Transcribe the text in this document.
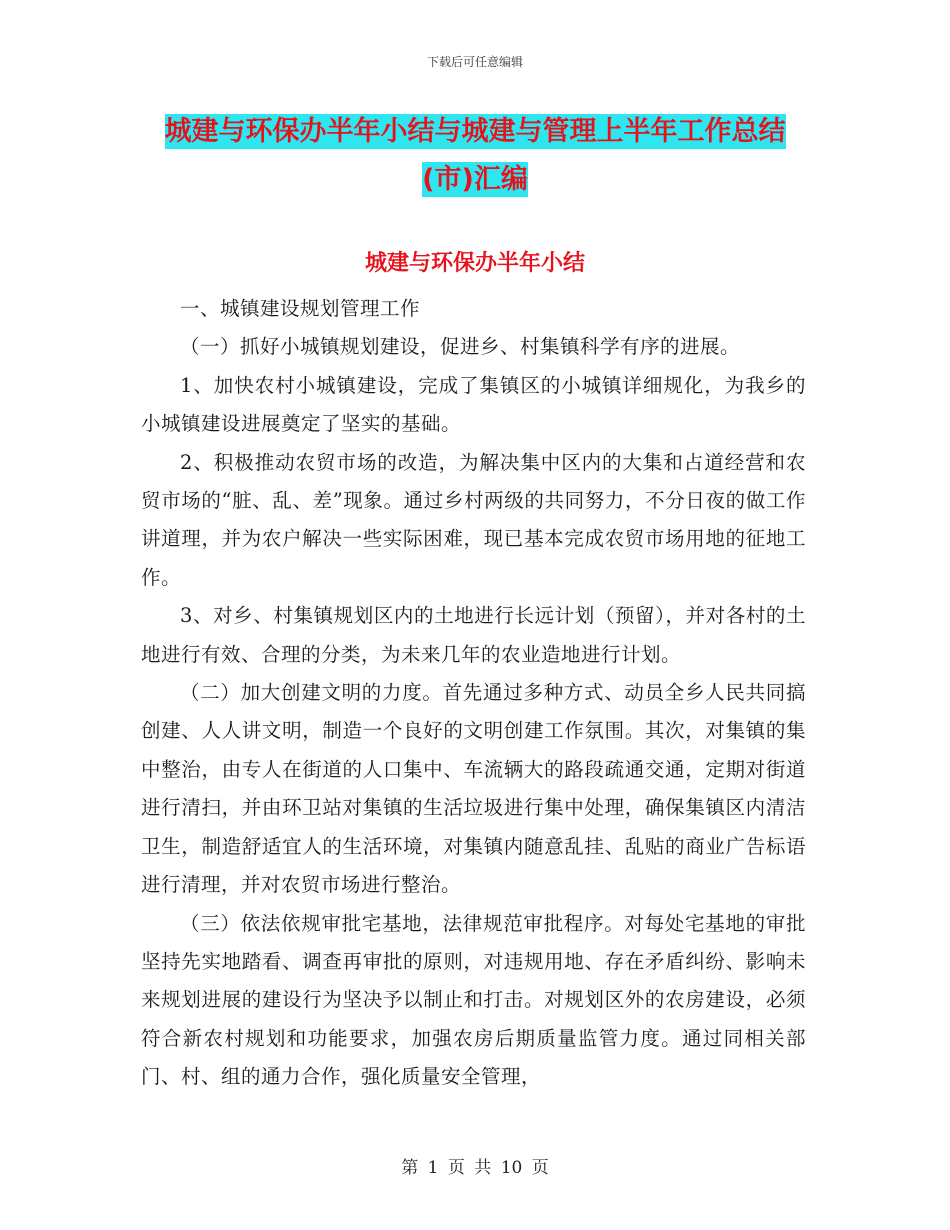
下载后可任意编辑
城建与环保办半年小结与城建与管理上半年工作总结
(市)汇编
城建与环保办半年小结

一、城镇建设规划管理工作

（一）抓好小城镇规划建设，促进乡、村集镇科学有序的进展。

1、加快农村小城镇建设，完成了集镇区的小城镇详细规化，为我乡的小城镇建设进展奠定了坚实的基础。

2、积极推动农贸市场的改造，为解决集中区内的大集和占道经营和农贸市场的“脏、乱、差”现象。通过乡村两级的共同努力，不分日夜的做工作讲道理，并为农户解决一些实际困难，现已基本完成农贸市场用地的征地工作。

3、对乡、村集镇规划区内的土地进行长远计划（预留），并对各村的土地进行有效、合理的分类，为未来几年的农业造地进行计划。

（二）加大创建文明的力度。首先通过多种方式、动员全乡人民共同搞创建、人人讲文明，制造一个良好的文明创建工作氛围。其次，对集镇的集中整治，由专人在街道的人口集中、车流辆大的路段疏通交通，定期对街道进行清扫，并由环卫站对集镇的生活垃圾进行集中处理，确保集镇区内清洁卫生，制造舒适宜人的生活环境，对集镇内随意乱挂、乱贴的商业广告标语进行清理，并对农贸市场进行整治。

（三）依法依规审批宅基地，法律规范审批程序。对每处宅基地的审批坚持先实地踏看、调查再审批的原则，对违规用地、存在矛盾纠纷、影响未来规划进展的建设行为坚决予以制止和打击。对规划区外的农房建设，必须符合新农村规划和功能要求，加强农房后期质量监管力度。通过同相关部门、村、组的通力合作，强化质量安全管理，

第 1 页 共 10 页
